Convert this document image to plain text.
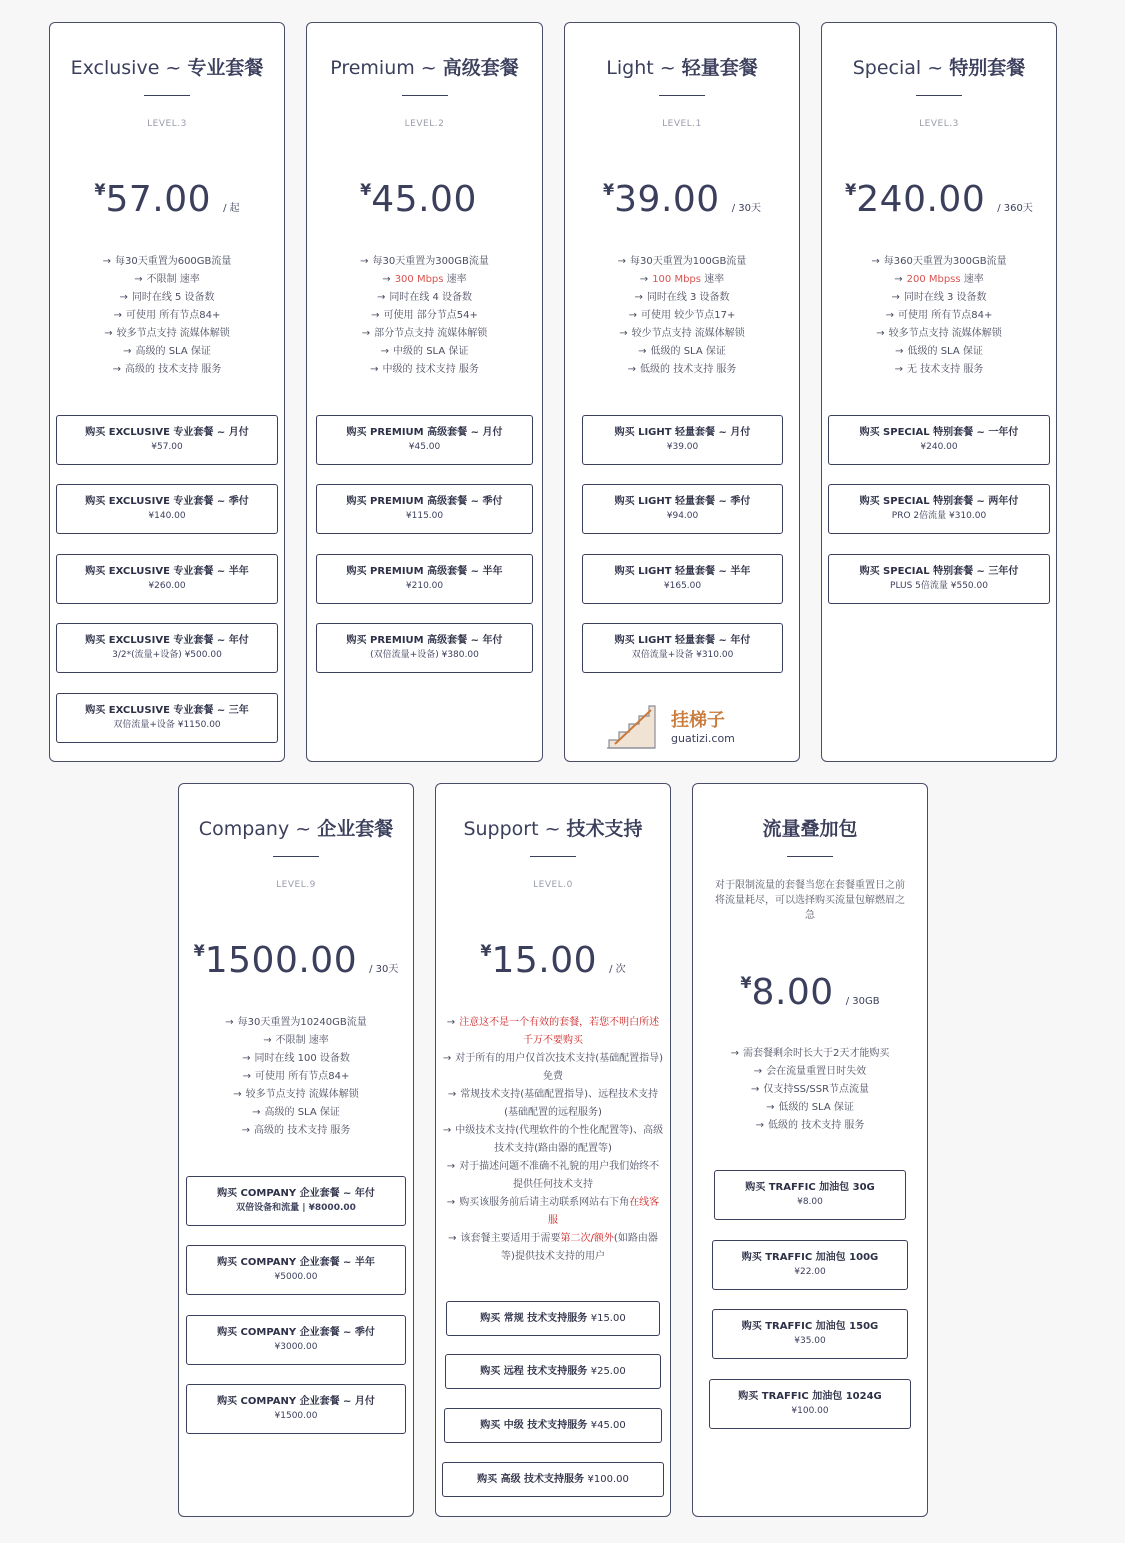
Exclusive ~ 专业套餐
LEVEL.3
¥57.00 / 起
→ 每30天重置为600GB流量
→ 不限制 速率
→ 同时在线 5 设备数
→ 可使用 所有节点84+
→ 较多节点支持 流媒体解锁
→ 高级的 SLA 保证
→ 高级的 技术支持 服务
购买 EXCLUSIVE 专业套餐 ~ 月付
¥57.00
购买 EXCLUSIVE 专业套餐 ~ 季付
¥140.00
购买 EXCLUSIVE 专业套餐 ~ 半年
¥260.00
购买 EXCLUSIVE 专业套餐 ~ 年付
3/2*(流量+设备) ¥500.00
购买 EXCLUSIVE 专业套餐 ~ 三年
双倍流量+设备 ¥1150.00
Premium ~ 高级套餐
LEVEL.2
¥45.00
→ 每30天重置为300GB流量
→ 300 Mbps 速率
→ 同时在线 4 设备数
→ 可使用 部分节点54+
→ 部分节点支持 流媒体解锁
→ 中级的 SLA 保证
→ 中级的 技术支持 服务
购买 PREMIUM 高级套餐 ~ 月付
¥45.00
购买 PREMIUM 高级套餐 ~ 季付
¥115.00
购买 PREMIUM 高级套餐 ~ 半年
¥210.00
购买 PREMIUM 高级套餐 ~ 年付
(双倍流量+设备) ¥380.00
Light ~ 轻量套餐
LEVEL.1
¥39.00 / 30天
→ 每30天重置为100GB流量
→ 100 Mbps 速率
→ 同时在线 3 设备数
→ 可使用 较少节点17+
→ 较少节点支持 流媒体解锁
→ 低级的 SLA 保证
→ 低级的 技术支持 服务
购买 LIGHT 轻量套餐 ~ 月付
¥39.00
购买 LIGHT 轻量套餐 ~ 季付
¥94.00
购买 LIGHT 轻量套餐 ~ 半年
¥165.00
购买 LIGHT 轻量套餐 ~ 年付
双倍流量+设备 ¥310.00
Special ~ 特别套餐
LEVEL.3
¥240.00 / 360天
→ 每360天重置为300GB流量
→ 200 Mbpss 速率
→ 同时在线 3 设备数
→ 可使用 所有节点84+
→ 较多节点支持 流媒体解锁
→ 低级的 SLA 保证
→ 无 技术支持 服务
购买 SPECIAL 特别套餐 ~ 一年付
¥240.00
购买 SPECIAL 特别套餐 ~ 两年付
PRO 2倍流量 ¥310.00
购买 SPECIAL 特别套餐 ~ 三年付
PLUS 5倍流量 ¥550.00
挂梯子
guatizi.com
Company ~ 企业套餐
LEVEL.9
¥1500.00 / 30天
→ 每30天重置为10240GB流量
→ 不限制 速率
→ 同时在线 100 设备数
→ 可使用 所有节点84+
→ 较多节点支持 流媒体解锁
→ 高级的 SLA 保证
→ 高级的 技术支持 服务
购买 COMPANY 企业套餐 ~ 年付
双倍设备和流量 | ¥8000.00
购买 COMPANY 企业套餐 ~ 半年
¥5000.00
购买 COMPANY 企业套餐 ~ 季付
¥3000.00
购买 COMPANY 企业套餐 ~ 月付
¥1500.00
Support ~ 技术支持
LEVEL.0
¥15.00 / 次
→ 注意这不是一个有效的套餐，若您不明白所述千万不要购买
→ 对于所有的用户仅首次技术支持(基础配置指导)免费
→ 常规技术支持(基础配置指导)、远程技术支持(基础配置的远程服务)
→ 中级技术支持(代理软件的个性化配置等)、高级技术支持(路由器的配置等)
→ 对于描述问题不准确不礼貌的用户我们始终不提供任何技术支持
→ 购买该服务前后请主动联系网站右下角在线客服
→ 该套餐主要适用于需要第二次/额外(如路由器等)提供技术支持的用户
购买 常规 技术支持服务 ¥15.00
购买 远程 技术支持服务 ¥25.00
购买 中级 技术支持服务 ¥45.00
购买 高级 技术支持服务 ¥100.00
流量叠加包
对于限制流量的套餐当您在套餐重置日之前将流量耗尽，可以选择购买流量包解燃眉之急
¥8.00 / 30GB
→ 需套餐剩余时长大于2天才能购买
→ 会在流量重置日时失效
→ 仅支持SS/SSR节点流量
→ 低级的 SLA 保证
→ 低级的 技术支持 服务
购买 TRAFFIC 加油包 30G
¥8.00
购买 TRAFFIC 加油包 100G
¥22.00
购买 TRAFFIC 加油包 150G
¥35.00
购买 TRAFFIC 加油包 1024G
¥100.00
